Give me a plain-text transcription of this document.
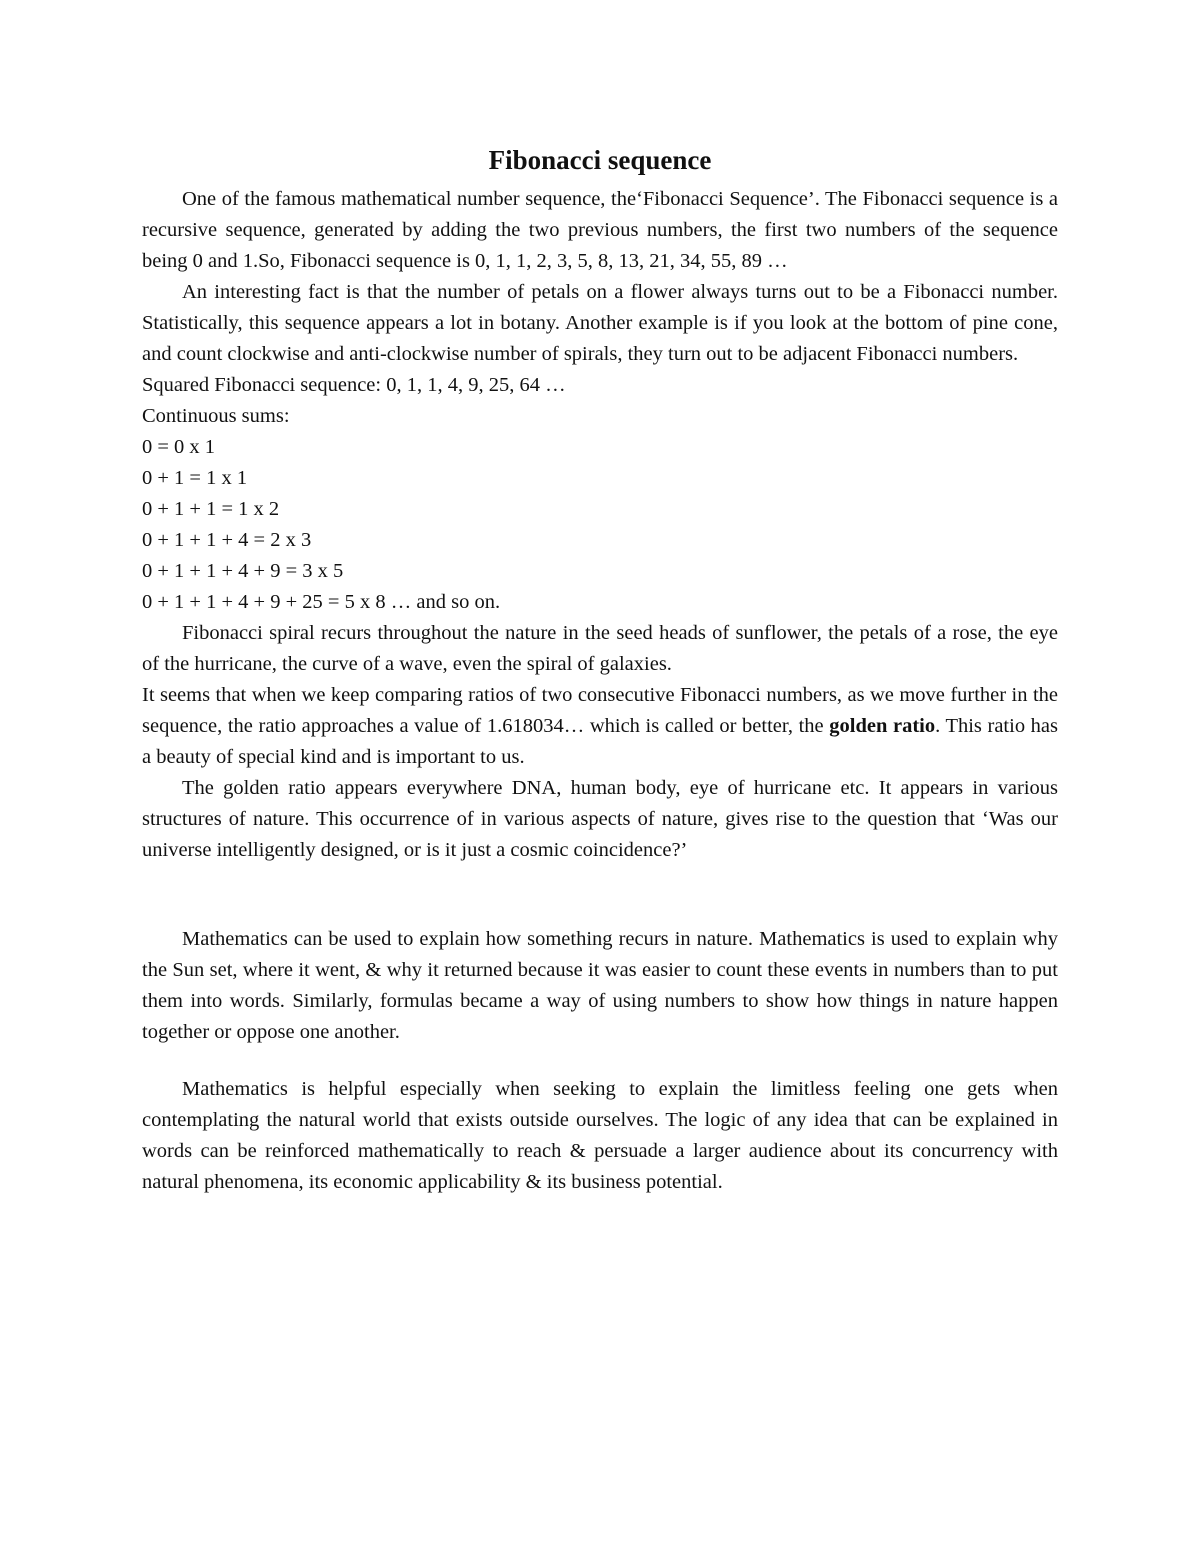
Fibonacci sequence

One of the famous mathematical number sequence, the‘Fibonacci Sequence’. The Fibonacci sequence is a recursive sequence, generated by adding the two previous numbers, the first two numbers of the sequence being 0 and 1.So, Fibonacci sequence is 0, 1, 1, 2, 3, 5, 8, 13, 21, 34, 55, 89 …

An interesting fact is that the number of petals on a flower always turns out to be a Fibonacci number. Statistically, this sequence appears a lot in botany. Another example is if you look at the bottom of pine cone, and count clockwise and anti-clockwise number of spirals, they turn out to be adjacent Fibonacci numbers.

Squared Fibonacci sequence: 0, 1, 1, 4, 9, 25, 64 …

Continuous sums:

0 = 0 x 1

0 + 1 = 1 x 1

0 + 1 + 1 = 1 x 2

0 + 1 + 1 + 4 = 2 x 3

0 + 1 + 1 + 4 + 9 = 3 x 5

0 + 1 + 1 + 4 + 9 + 25 = 5 x 8 … and so on.

Fibonacci spiral recurs throughout the nature in the seed heads of sunflower, the petals of a rose, the eye of the hurricane, the curve of a wave, even the spiral of galaxies.

It seems that when we keep comparing ratios of two consecutive Fibonacci numbers, as we move further in the sequence, the ratio approaches a value of 1.618034… which is called or better, the golden ratio. This ratio has a beauty of special kind and is important to us.

The golden ratio appears everywhere DNA, human body, eye of hurricane etc. It appears in various structures of nature. This occurrence of in various aspects of nature, gives rise to the question that ‘Was our universe intelligently designed, or is it just a cosmic coincidence?’

Mathematics can be used to explain how something recurs in nature. Mathematics is used to explain why the Sun set, where it went, & why it returned because it was easier to count these events in numbers than to put them into words. Similarly, formulas became a way of using numbers to show how things in nature happen together or oppose one another.

Mathematics is helpful especially when seeking to explain the limitless feeling one gets when contemplating the natural world that exists outside ourselves. The logic of any idea that can be explained in words can be reinforced mathematically to reach & persuade a larger audience about its concurrency with natural phenomena, its economic applicability & its business potential.
